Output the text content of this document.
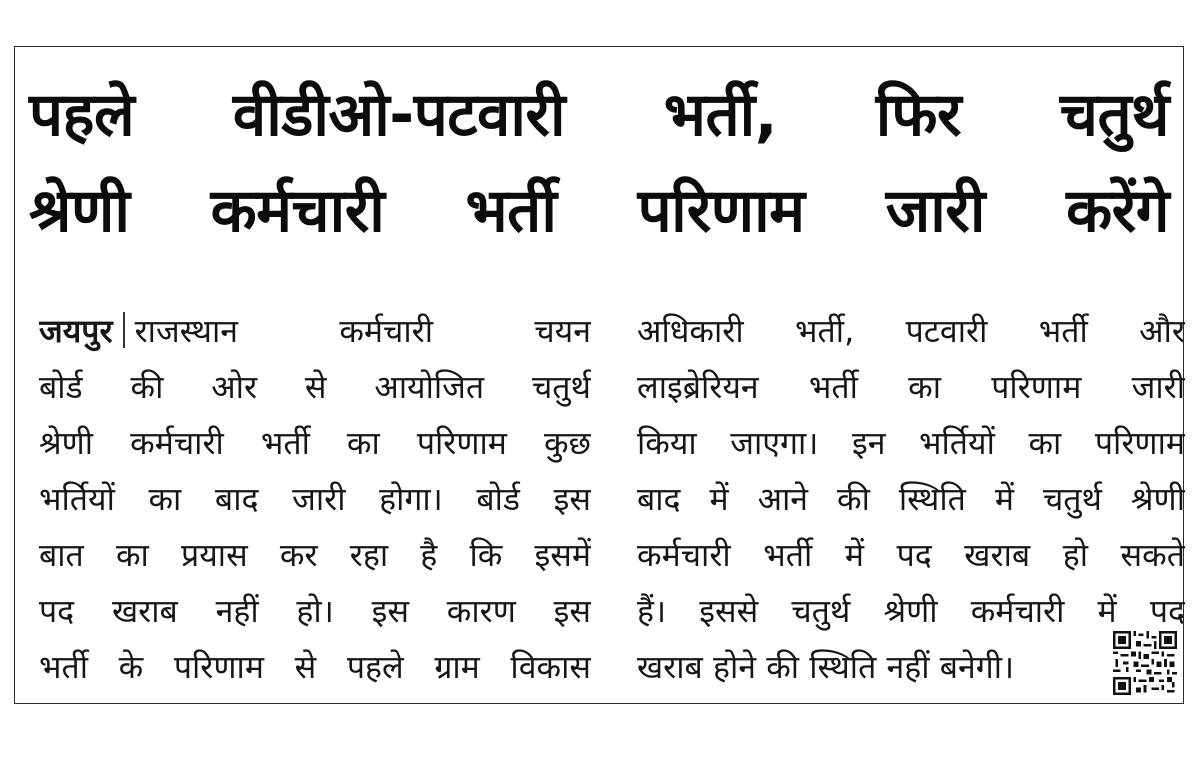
पहले वीडीओ-पटवारी भर्ती, फिर चतुर्थ
श्रेणी कर्मचारी भर्ती परिणाम जारी करेंगे
जयपुर राजस्थान कर्मचारी चयन
बोर्ड की ओर से आयोजित चतुर्थ
श्रेणी कर्मचारी भर्ती का परिणाम कुछ
भर्तियों का बाद जारी होगा। बोर्ड इस
बात का प्रयास कर रहा है कि इसमें
पद खराब नहीं हो। इस कारण इस
भर्ती के परिणाम से पहले ग्राम विकास
अधिकारी भर्ती, पटवारी भर्ती और
लाइब्रेरियन भर्ती का परिणाम जारी
किया जाएगा। इन भर्तियों का परिणाम
बाद में आने की स्थिति में चतुर्थ श्रेणी
कर्मचारी भर्ती में पद खराब हो सकते
हैं। इससे चतुर्थ श्रेणी कर्मचारी में पद
खराब होने की स्थिति नहीं बनेगी।
